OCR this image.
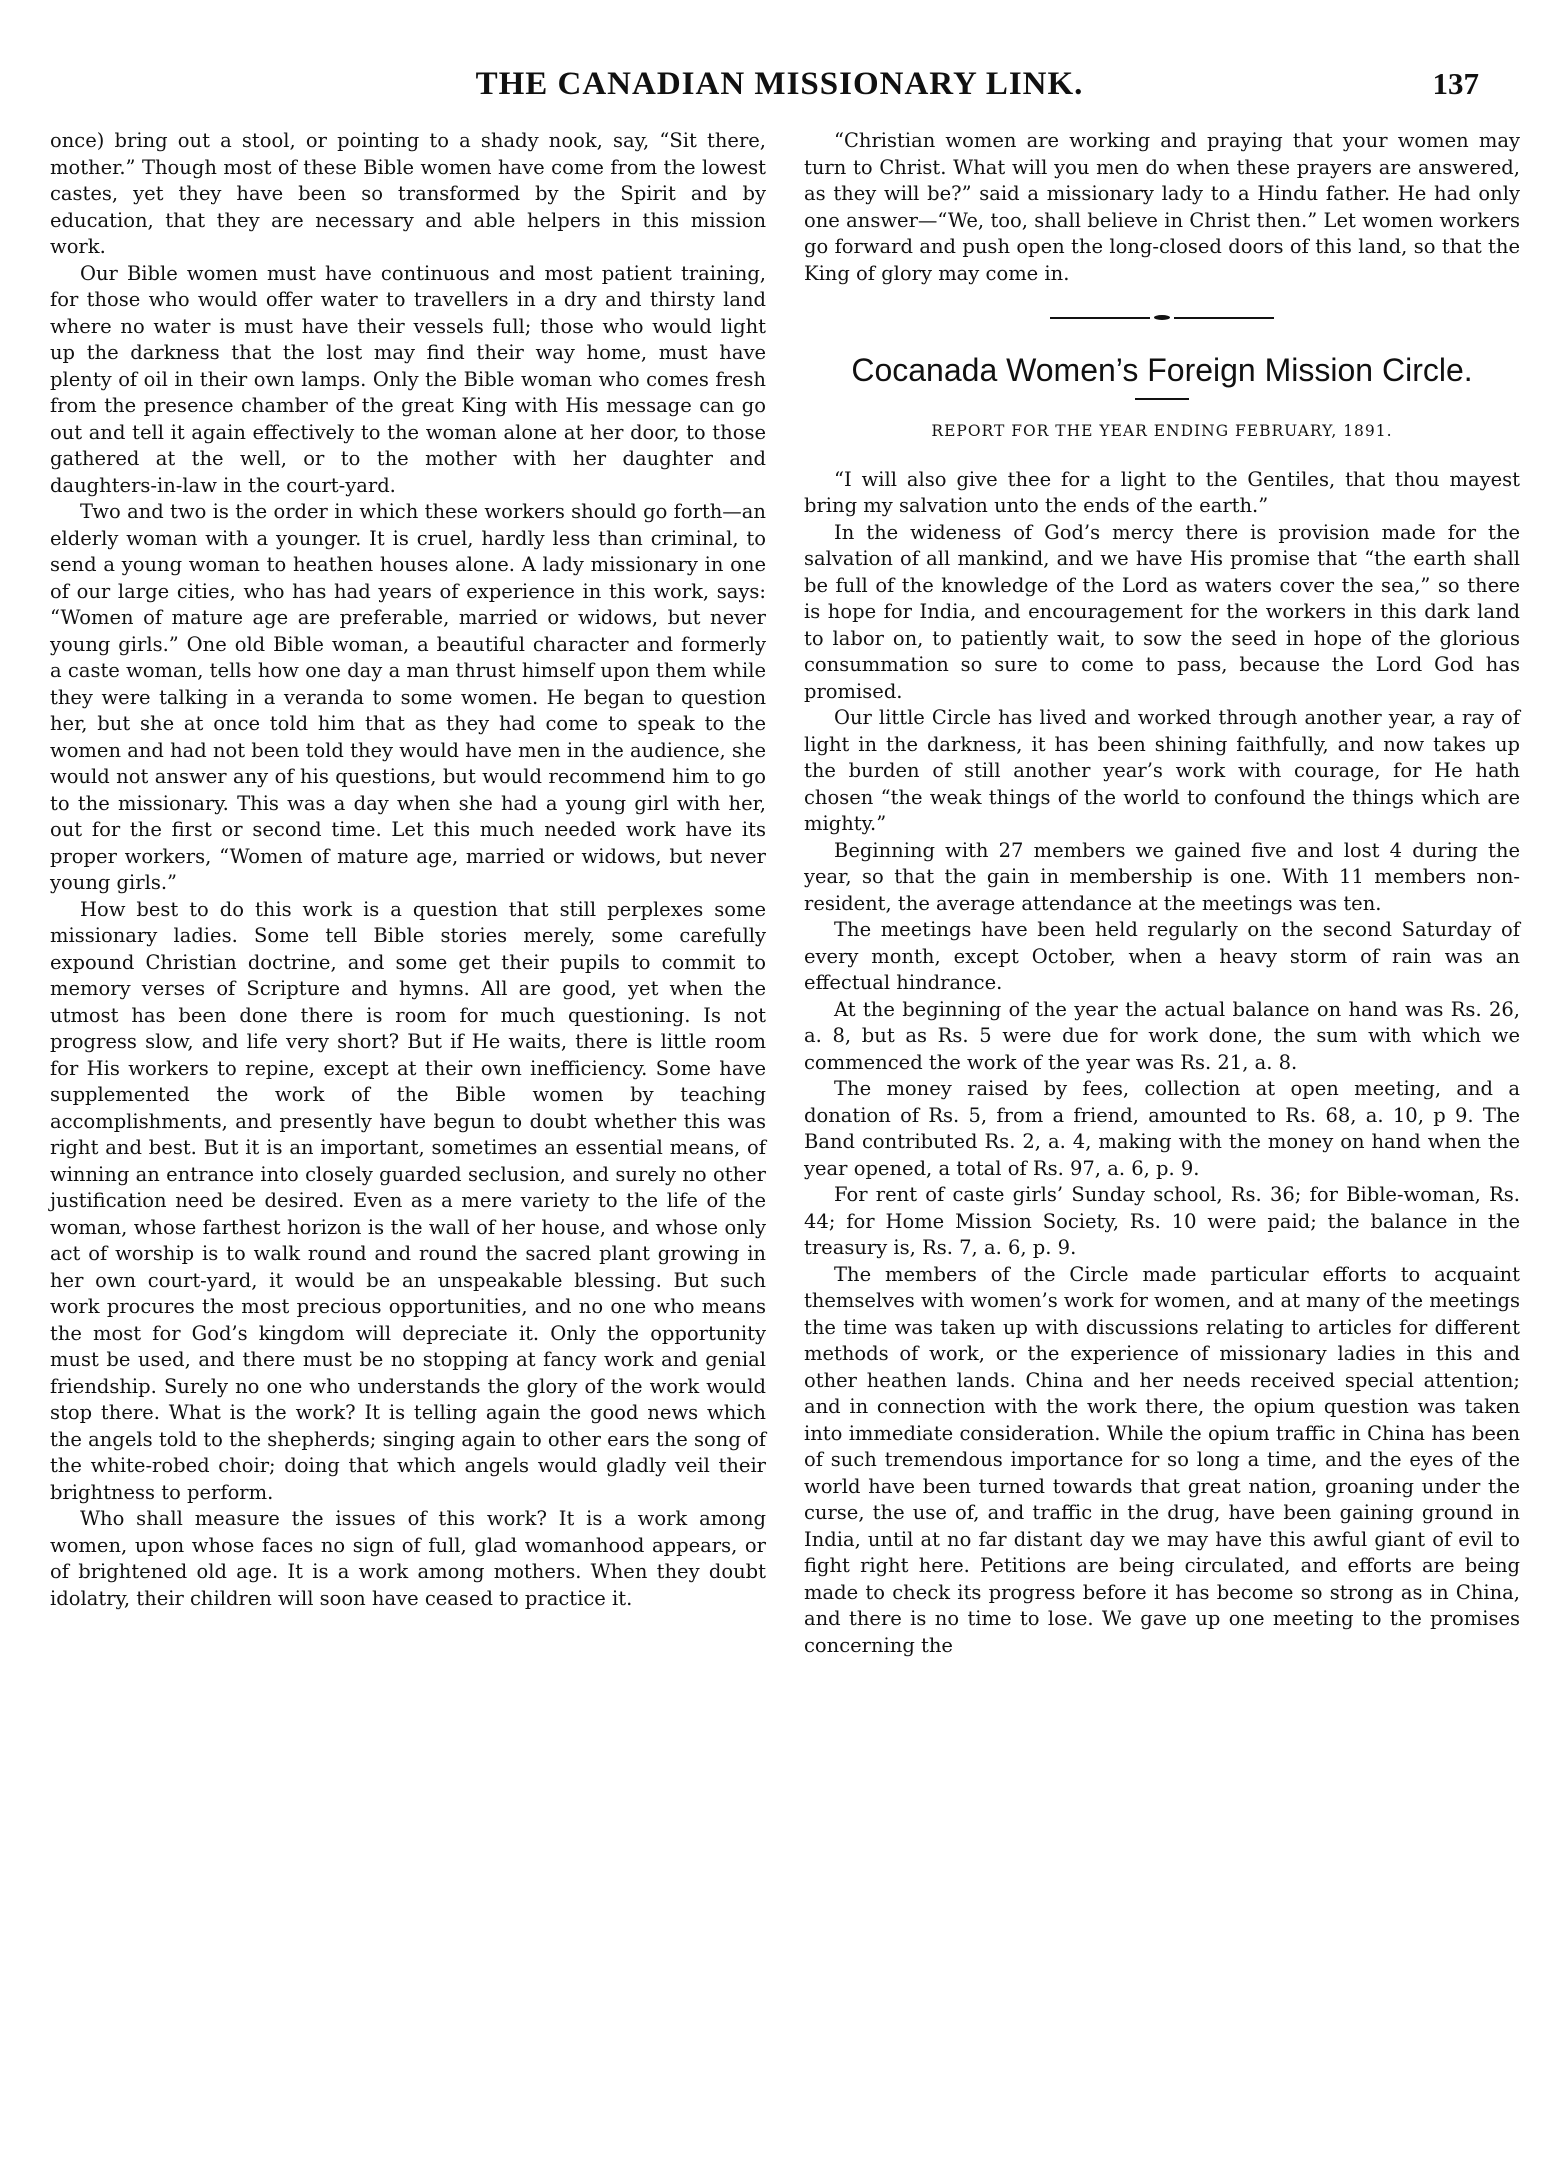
THE CANADIAN MISSIONARY LINK.	137

once) bring out a stool, or pointing to a shady nook, say, “Sit there, mother.” Though most of these Bible women have come from the lowest castes, yet they have been so transformed by the Spirit and by education, that they are necessary and able helpers in this mission work.

Our Bible women must have continuous and most patient training, for those who would offer water to travellers in a dry and thirsty land where no water is must have their vessels full; those who would light up the darkness that the lost may find their way home, must have plenty of oil in their own lamps. Only the Bible woman who comes fresh from the presence chamber of the great King with His message can go out and tell it again effectively to the woman alone at her door, to those gathered at the well, or to the mother with her daughter and daughters-in-law in the court-yard.

Two and two is the order in which these workers should go forth—an elderly woman with a younger. It is cruel, hardly less than criminal, to send a young woman to heathen houses alone. A lady missionary in one of our large cities, who has had years of experience in this work, says: “Women of mature age are preferable, married or widows, but never young girls.” One old Bible woman, a beautiful character and formerly a caste woman, tells how one day a man thrust himself upon them while they were talking in a veranda to some women. He began to question her, but she at once told him that as they had come to speak to the women and had not been told they would have men in the audience, she would not answer any of his questions, but would recommend him to go to the missionary. This was a day when she had a young girl with her, out for the first or second time. Let this much needed work have its proper workers, “Women of mature age, married or widows, but never young girls.”

How best to do this work is a question that still perplexes some missionary ladies. Some tell Bible stories merely, some carefully expound Christian doctrine, and some get their pupils to commit to memory verses of Scripture and hymns. All are good, yet when the utmost has been done there is room for much questioning. Is not progress slow, and life very short? But if He waits, there is little room for His workers to repine, except at their own inefficiency. Some have supplemented the work of the Bible women by teaching accomplishments, and presently have begun to doubt whether this was right and best. But it is an important, sometimes an essential means, of winning an entrance into closely guarded seclusion, and surely no other justification need be desired. Even as a mere variety to the life of the woman, whose farthest horizon is the wall of her house, and whose only act of worship is to walk round and round the sacred plant growing in her own court-yard, it would be an unspeakable blessing. But such work procures the most precious opportunities, and no one who means the most for God’s kingdom will depreciate it. Only the opportunity must be used, and there must be no stopping at fancy work and genial friendship. Surely no one who understands the glory of the work would stop there. What is the work? It is telling again the good news which the angels told to the shepherds; singing again to other ears the song of the white-robed choir; doing that which angels would gladly veil their brightness to perform.

Who shall measure the issues of this work? It is a work among women, upon whose faces no sign of full, glad womanhood appears, or of brightened old age. It is a work among mothers. When they doubt idolatry, their children will soon have ceased to practice it.

“Christian women are working and praying that your women may turn to Christ. What will you men do when these prayers are answered, as they will be?” said a missionary lady to a Hindu father. He had only one answer—“We, too, shall believe in Christ then.” Let women workers go forward and push open the long-closed doors of this land, so that the King of glory may come in.

Cocanada Women’s Foreign Mission Circle.
REPORT FOR THE YEAR ENDING FEBRUARY, 1891.

“I will also give thee for a light to the Gentiles, that thou mayest bring my salvation unto the ends of the earth.”

In the wideness of God’s mercy there is provision made for the salvation of all mankind, and we have His promise that “the earth shall be full of the knowledge of the Lord as waters cover the sea,” so there is hope for India, and encouragement for the workers in this dark land to labor on, to patiently wait, to sow the seed in hope of the glorious consummation so sure to come to pass, because the Lord God has promised.

Our little Circle has lived and worked through another year, a ray of light in the darkness, it has been shining faithfully, and now takes up the burden of still another year’s work with courage, for He hath chosen “the weak things of the world to confound the things which are mighty.”

Beginning with 27 members we gained five and lost 4 during the year, so that the gain in membership is one. With 11 members non-resident, the average attendance at the meetings was ten.

The meetings have been held regularly on the second Saturday of every month, except October, when a heavy storm of rain was an effectual hindrance.

At the beginning of the year the actual balance on hand was Rs. 26, a. 8, but as Rs. 5 were due for work done, the sum with which we commenced the work of the year was Rs. 21, a. 8.

The money raised by fees, collection at open meeting, and a donation of Rs. 5, from a friend, amounted to Rs. 68, a. 10, p 9. The Band contributed Rs. 2, a. 4, making with the money on hand when the year opened, a total of Rs. 97, a. 6, p. 9.

For rent of caste girls’ Sunday school, Rs. 36; for Bible-woman, Rs. 44; for Home Mission Society, Rs. 10 were paid; the balance in the treasury is, Rs. 7, a. 6, p. 9.

The members of the Circle made particular efforts to acquaint themselves with women’s work for women, and at many of the meetings the time was taken up with discussions relating to articles for different methods of work, or the experience of missionary ladies in this and other heathen lands. China and her needs received special attention; and in connection with the work there, the opium question was taken into immediate consideration. While the opium traffic in China has been of such tremendous importance for so long a time, and the eyes of the world have been turned towards that great nation, groaning under the curse, the use of, and traffic in the drug, have been gaining ground in India, until at no far distant day we may have this awful giant of evil to fight right here. Petitions are being circulated, and efforts are being made to check its progress before it has become so strong as in China, and there is no time to lose. We gave up one meeting to the promises concerning the
